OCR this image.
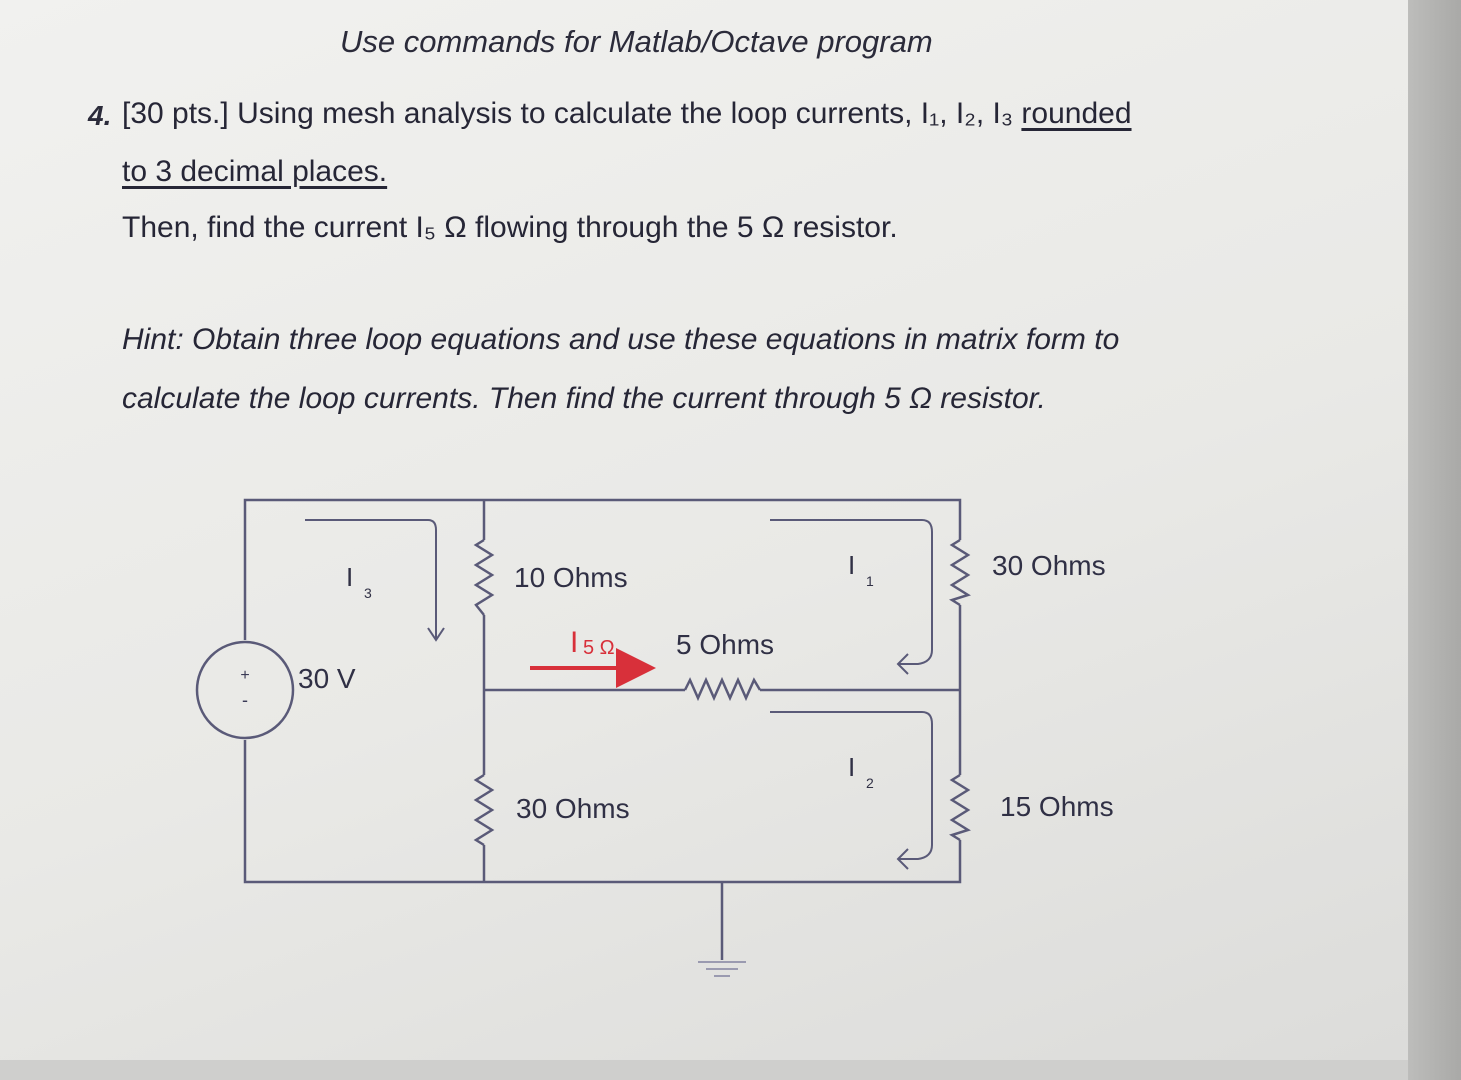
Use commands for Matlab/Octave program
4. [30 pts.] Using mesh analysis to calculate the loop currents, I₁, I₂, I₃ rounded
to 3 decimal places.
Then, find the current I₅ Ω flowing through the 5 Ω resistor.
Hint: Obtain three loop equations and use these equations in matrix form to
calculate the loop currents. Then find the current through 5 Ω resistor.
+
-
30 V
I
3
I
1
I
2
10 Ohms
5 Ohms
30 Ohms
30 Ohms	15 Ohms
I 5 Ω
